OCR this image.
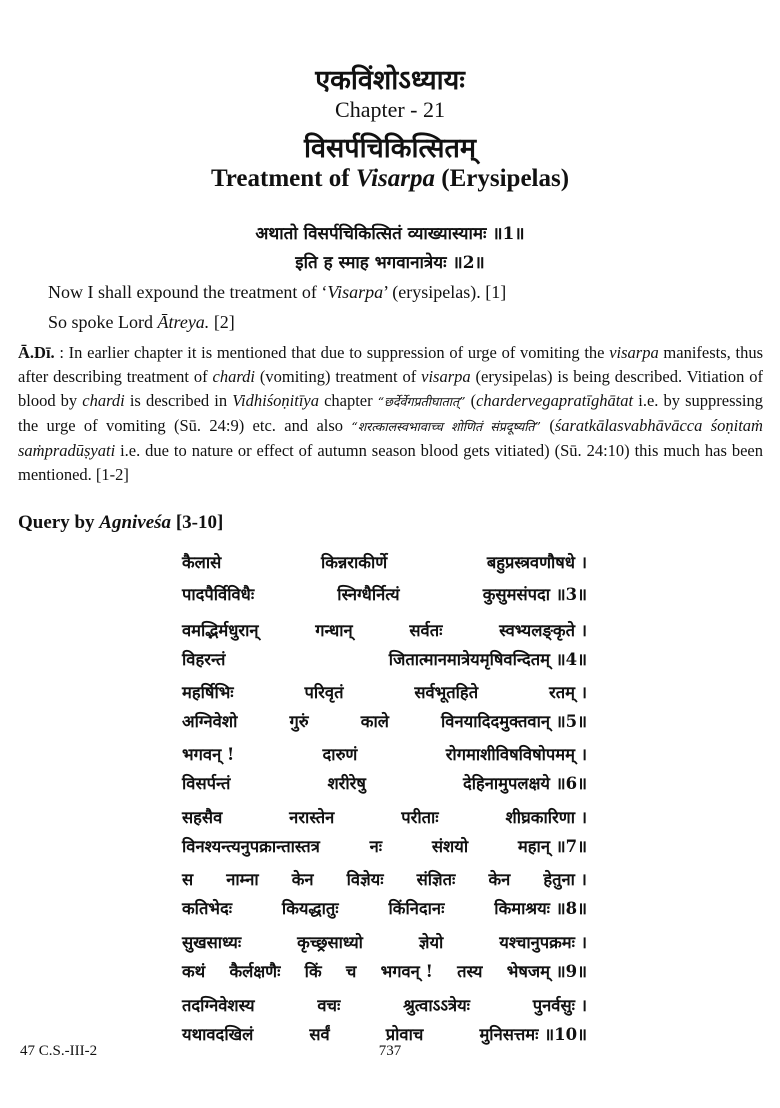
एकविंशोऽध्यायः
Chapter - 21
विसर्पचिकित्सितम्
Treatment of Visarpa (Erysipelas)
अथातो विसर्पचिकित्सितं व्याख्यास्यामः ॥1॥
इति ह स्माह भगवानात्रेयः ॥2॥
Now I shall expound the treatment of ‘Visarpa’ (erysipelas). [1]
So spoke Lord Ātreya. [2]
Ā.Dī. : In earlier chapter it is mentioned that due to suppression of urge of vomiting the visarpa manifests, thus after describing treatment of chardi (vomiting) treatment of visarpa (erysipelas) is being described. Vitiation of blood by chardi is described in Vidhiśoṇitīya chapter “छर्देर्वेगप्रतीघातात्” (chardervegapratīghātat i.e. by suppressing the urge of vomiting (Sū. 24:9) etc. and also “शरत्कालस्वभावाच्च शोणितं संप्रदूष्यति” (śaratkālasvabhāvācca śoṇitaṁ saṁpradūṣyati i.e. due to nature or effect of autumn season blood gets vitiated) (Sū. 24:10) this much has been mentioned. [1-2]
Query by Agniveśa [3-10]
कैलासे	किन्नराकीर्णे	बहुप्रस्त्रवणौषधे ।
पादपैर्विविधैः	स्निग्धैर्नित्यं	कुसुमसंपदा ॥3॥
वमद्भिर्मधुरान्	गन्धान्	सर्वतः	स्वभ्यलङ्कृते ।
विहरन्तं	जितात्मानमात्रेयमृषिवन्दितम् ॥4॥
महर्षिभिः	परिवृतं	सर्वभूतहिते	रतम् ।
अग्निवेशो	गुरुं	काले	विनयादिदमुक्तवान् ॥5॥
भगवन् !	दारुणं	रोगमाशीविषविषोपमम् ।
विसर्पन्तं	शरीरेषु	देहिनामुपलक्षये ॥6॥
सहसैव	नरास्तेन	परीताः	शीघ्रकारिणा ।
विनश्यन्त्यनुपक्रान्तास्तत्र	नः	संशयो	महान् ॥7॥
स नाम्ना केन विज्ञेयः संज्ञितः केन हेतुना ।
कतिभेदः	कियद्धातुः	किंनिदानः	किमाश्रयः ॥8॥
सुखसाध्यः	कृच्छ्रसाध्यो	ज्ञेयो	यश्चानुपक्रमः ।
कथं कैर्लक्षणैः किं च भगवन् ! तस्य भेषजम् ॥9॥
तदग्निवेशस्य	वचः	श्रुत्वाऽऽत्रेयः	पुनर्वसुः ।
यथावदखिलं	सर्वं	प्रोवाच	मुनिसत्तमः ॥10॥
47 C.S.-III-2	737
